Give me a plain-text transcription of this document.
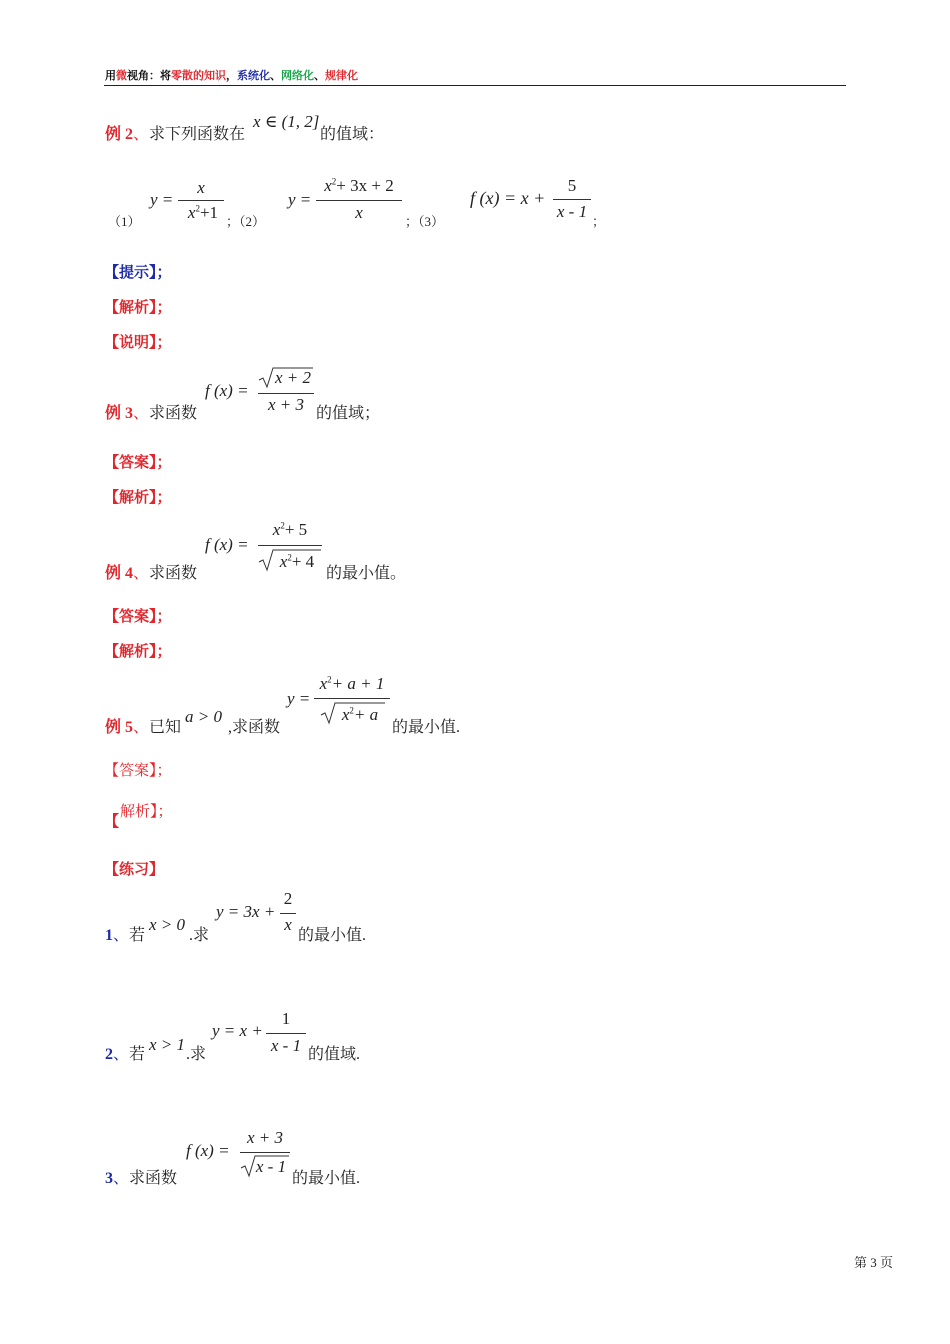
用微视角：将零散的知识，系统化、网络化、规律化
例 2、求下列函数在
x ∈ (1, 2]
的值域：
（1）
y =
x
$x^2+1$ ；（2）
y =
$x^2+ 3x + 2$
x	；（3）
f (x) = x +
5
x - 1
；
【提示】；
【解析】；
【说明】；
例 3、求函数
f (x) =
x + 2
x + 3 的值域；
【答案】；
【解析】；
例 4、求函数
f (x) =
$x^2+ 5$
$x^2+ 4$
的最小值。
【答案】；
【解析】；
例 5、已知
a > 0
,求函数
y =
$x^2+ a + 1$
$x^2+ a$
的最小值.
【答案】；
【
解析】；
【练习】
1、若
x > 0
.求
y = 3x +
2
x
的最小值.
2、若
x > 1
.求
y = x +
1
x - 1 的值域.
3、求函数
f (x) =
x + 3
x - 1
的最小值.
第 3 页
